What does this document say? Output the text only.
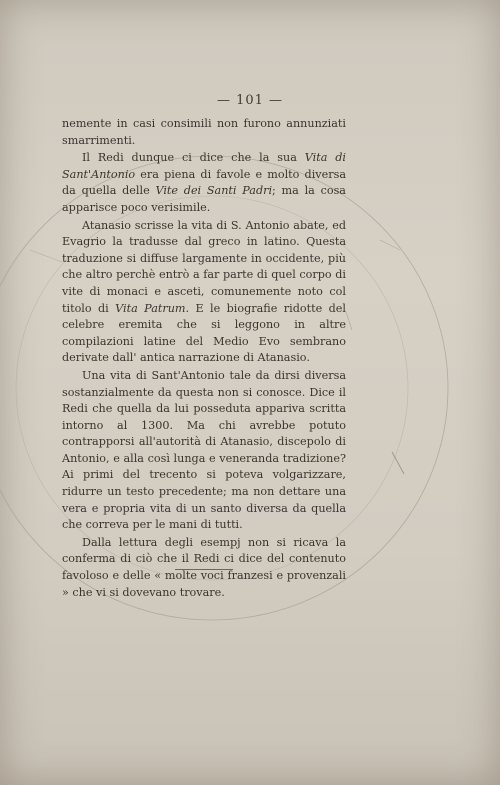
— 101 —

nemente in casi consimili non furono annunziati smarrimenti.

Il Redi dunque ci dice che la sua Vita di Sant'Antonio era piena di favole e molto diversa da quella delle Vite dei Santi Padri; ma la cosa apparisce poco verisimile.

Atanasio scrisse la vita di S. Antonio abate, ed Evagrio la tradusse dal greco in latino. Questa traduzione si diffuse largamente in occidente, più che altro perchè entrò a far parte di quel corpo di vite di monaci e asceti, comunemente noto col titolo di Vita Patrum. E le biografie ridotte del celebre eremita che si leggono in altre compilazioni latine del Medio Evo sembrano derivate dall' antica narrazione di Atanasio.

Una vita di Sant'Antonio tale da dirsi diversa sostanzialmente da questa non si conosce. Dice il Redi che quella da lui posseduta appariva scritta intorno al 1300. Ma chi avrebbe potuto contrapporsi all'autorità di Atanasio, discepolo di Antonio, e alla così lunga e veneranda tradizione? Ai primi del trecento si poteva volgarizzare, ridurre un testo precedente; ma non dettare una vera e propria vita di un santo diversa da quella che correva per le mani di tutti.

Dalla lettura degli esempj non si ricava la conferma di ciò che il Redi ci dice del contenuto favoloso e delle « molte voci franzesi e provenzali » che vi si dovevano trovare.
